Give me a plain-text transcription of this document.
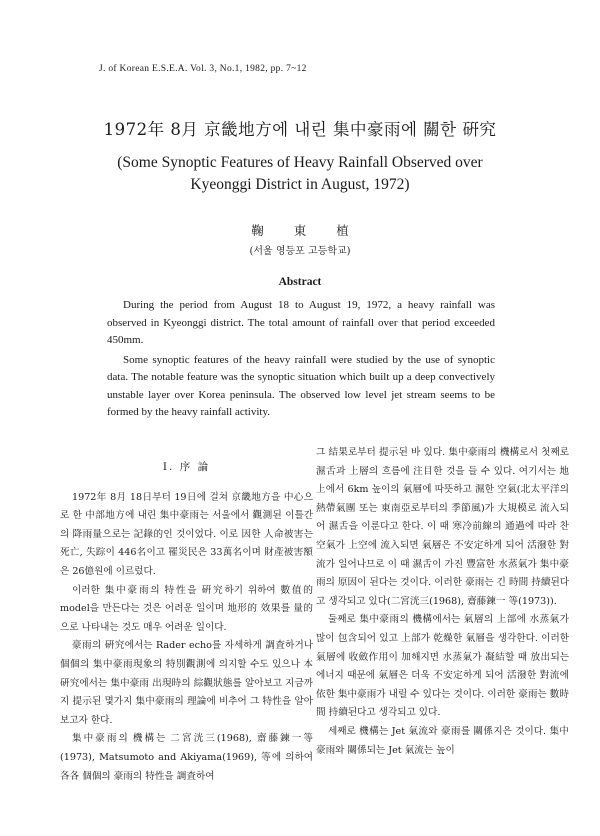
J. of Korean E.S.E.A. Vol. 3, No.1, 1982, pp. 7~12
1972年 8月 京畿地方에 내린 集中豪雨에 關한 硏究
(Some Synoptic Features of Heavy Rainfall Observed over
Kyeonggi District in August, 1972)
鞠東植
(서울 영등포 고등학교)
Abstract

During the period from August 18 to August 19, 1972, a heavy rainfall was observed in Kyeonggi district. The total amount of rainfall over that period exceeded 450mm.

Some synoptic features of the heavy rainfall were studied by the use of synoptic data. The notable feature was the synoptic situation which built up a deep convectively unstable layer over Korea peninsula. The observed low level jet stream seems to be formed by the heavy rainfall activity.

Ⅰ. 序 論

1972年 8月 18日부터 19日에 걸쳐 京畿地方을 中心으로 한 中部地方에 내린 集中豪雨는 서울에서 觀測된 이틀간의 降雨量으로는 記錄的인 것이었다. 이로 因한 人命被害는 死亡, 失踪이 446名이고 罹災民은 33萬名이며 財產被害額은 26億원에 이르렀다.

이러한 集中豪雨의 特性을 硏究하기 위하여 數值的 model을 만든다는 것은 어려운 일이며 地形的 效果를 量的으로 나타내는 것도 매우 어려운 일이다.

豪雨의 硏究에서는 Rader echo를 자세하게 調査하거나 個個의 集中豪雨現象의 特別觀測에 의지할 수도 있으나 本 硏究에서는 集中豪雨 出現時의 綜觀狀態를 알아보고 지금까지 提示된 몇가지 集中豪雨의 理論에 비추어 그 特性을 알아보고자 한다.

集中豪雨의 機構는 二宮洸三(1968), 齋藤鍊一等(1973), Matsumoto and Akiyama(1969), 等에 의하여 各各 個個의 豪雨의 特性을 調査하여

그 結果로부터 提示된 바 있다. 集中豪雨의 機構로서 첫째로 濕舌과 上層의 흐름에 注目한 것을 들 수 있다. 여기서는 地上에서 6km 높이의 氣層에 따뜻하고 濕한 空氣(北太平洋의 熱帶氣團 또는 東南亞로부터의 季節風)가 大規模로 流入되어 濕舌을 이룬다고 한다. 이 때 寒冷前線의 通過에 따라 찬 空氣가 上空에 流入되면 氣層은 不安定하게 되어 活潑한 對流가 일어나므로 이 때 濕舌이 가진 豐富한 水蒸氣가 集中豪雨의 原因이 된다는 것이다. 이러한 豪雨는 긴 時間 持續된다고 생각되고 있다(二宮洸三(1968), 齋藤鍊一 等(1973)).

둘째로 集中豪雨의 機構에서는 氣層의 上部에 水蒸氣가 많이 包含되어 있고 上部가 乾燥한 氣層을 생각한다. 이러한 氣層에 收斂作用이 加해지면 水蒸氣가 凝結할 때 放出되는 에너지 때문에 氣層은 더욱 不安定하게 되어 活潑한 對流에 依한 集中豪雨가 내릴 수 있다는 것이다. 이러한 豪雨는 數時間 持續된다고 생각되고 있다.

세째로 機構는 Jet 氣流와 豪雨를 關係지은 것이다. 集中豪雨와 關係되는 Jet 氣流는 높이
